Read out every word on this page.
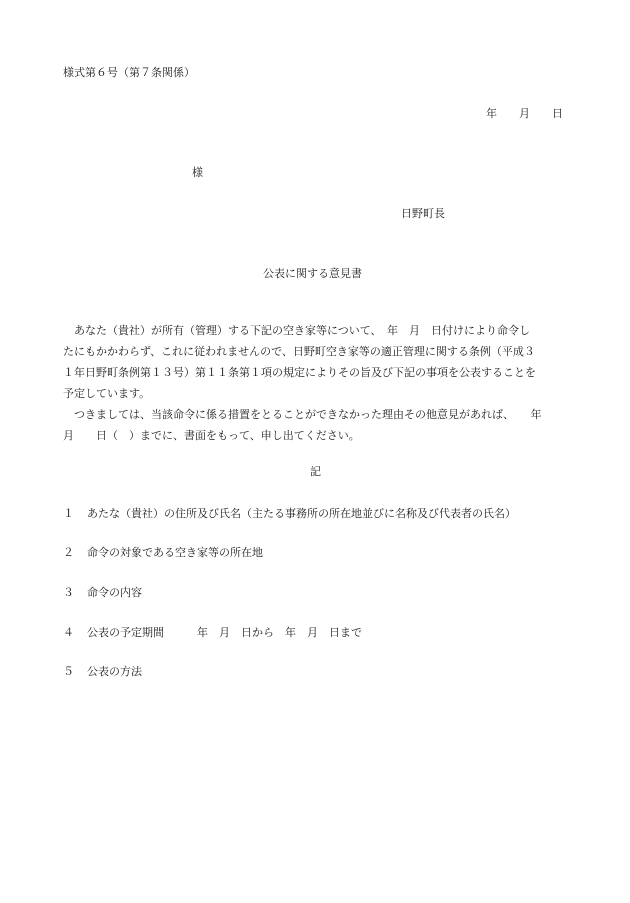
様式第６号（第７条関係）
年 月 日
様
日野町長
公表に関する意見書
　あなた（貴社）が所有（管理）する下記の空き家等について、　年　月　日付けにより命令し
たにもかかわらず、これに従われませんので、日野町空き家等の適正管理に関する条例（平成３
１年日野町条例第１３号）第１１条第１項の規定によりその旨及び下記の事項を公表することを
予定しています。
　つきましては、当該命令に係る措置をとることができなかった理由その他意見があれば、　　年
月　　日（　）までに、書面をもって、申し出てください。
記
１ あたな（貴社）の住所及び氏名（主たる事務所の所在地並びに名称及び代表者の氏名）
２ 命令の対象である空き家等の所在地
３ 命令の内容
４ 公表の予定期間　　　年　月　日から　年　月　日まで
５ 公表の方法
